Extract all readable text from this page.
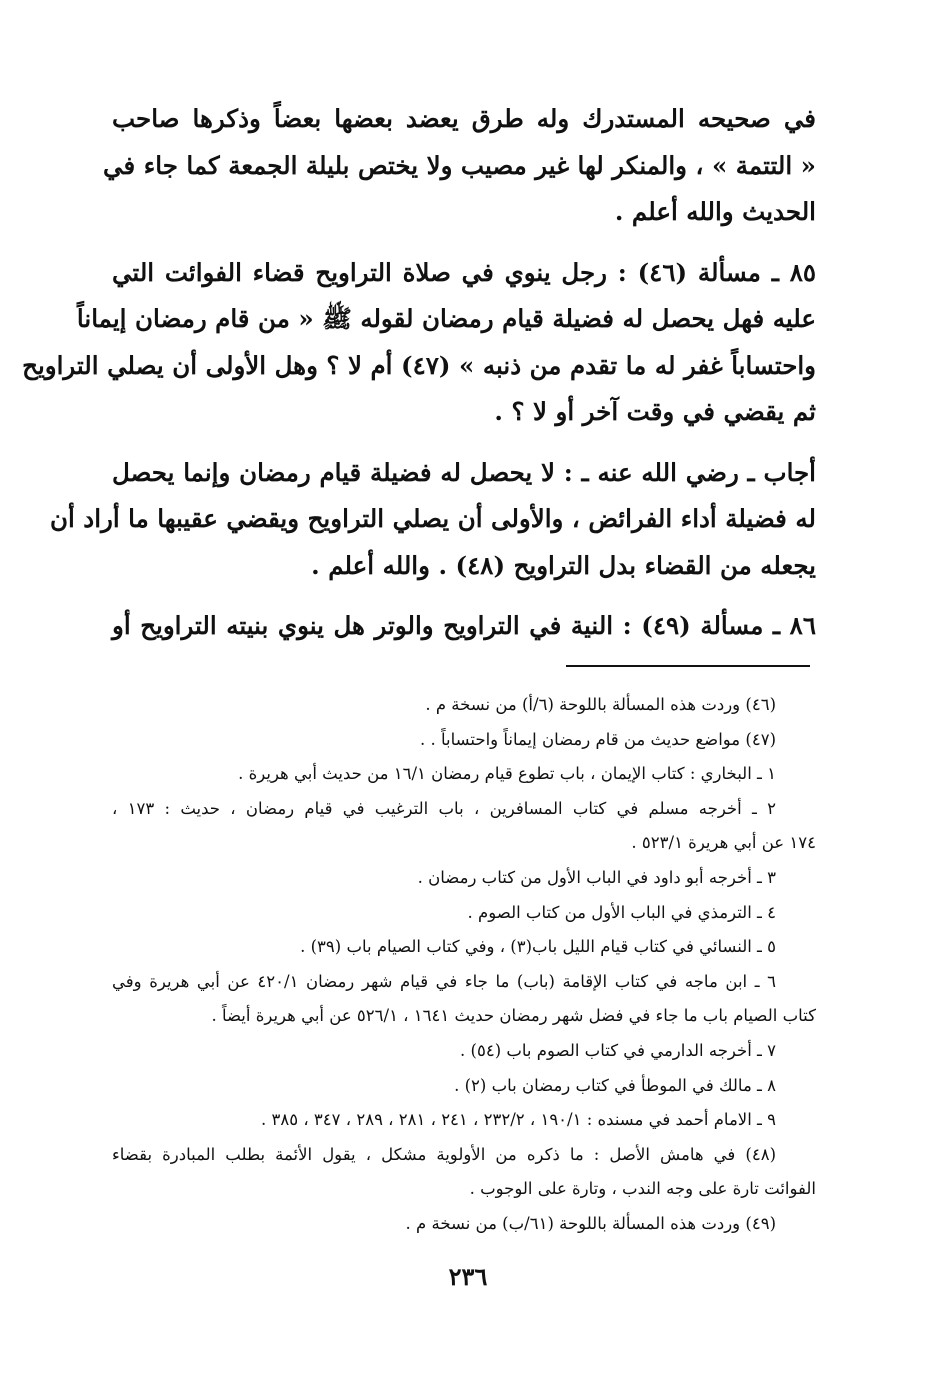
في صحيحه المستدرك وله طرق يعضد بعضها بعضاً وذكرها صاحب
« التتمة » ، والمنكر لها غير مصيب ولا يختص بليلة الجمعة كما جاء في
الحديث والله أعلم .
٨٥ ـ مسألة (٤٦) : رجل ينوي في صلاة التراويح قضاء الفوائت التي
عليه فهل يحصل له فضيلة قيام رمضان لقوله ﷺ « من قام رمضان إيماناً
واحتساباً غفر له ما تقدم من ذنبه » (٤٧) أم لا ؟ وهل الأولى أن يصلي التراويح
ثم يقضي في وقت آخر أو لا ؟ .
أجاب ـ رضي الله عنه ـ : لا يحصل له فضيلة قيام رمضان وإنما يحصل
له فضيلة أداء الفرائض ، والأولى أن يصلي التراويح ويقضي عقيبها ما أراد أن
يجعله من القضاء بدل التراويح (٤٨) . والله أعلم .
٨٦ ـ مسألة (٤٩) : النية في التراويح والوتر هل ينوي بنيته التراويح أو
(٤٦) وردت هذه المسألة باللوحة (٦/أ) من نسخة م .
(٤٧) مواضع حديث من قام رمضان إيماناً واحتساباً . .
١ ـ البخاري : كتاب الإيمان ، باب تطوع قيام رمضان ١٦/١ من حديث أبي هريرة .
٢ ـ أخرجه مسلم في كتاب المسافرين ، باب الترغيب في قيام رمضان ، حديث : ١٧٣ ،
١٧٤ عن أبي هريرة ٥٢٣/١ .
٣ ـ أخرجه أبو داود في الباب الأول من كتاب رمضان .
٤ ـ الترمذي في الباب الأول من كتاب الصوم .
٥ ـ النسائي في كتاب قيام الليل باب(٣) ، وفي كتاب الصيام باب (٣٩) .
٦ ـ ابن ماجه في كتاب الإقامة (باب) ما جاء في قيام شهر رمضان ٤٢٠/١ عن أبي هريرة وفي
كتاب الصيام باب ما جاء في فضل شهر رمضان حديث ١٦٤١ ، ٥٢٦/١ عن أبي هريرة أيضاً .
٧ ـ أخرجه الدارمي في كتاب الصوم باب (٥٤) .
٨ ـ مالك في الموطأ في كتاب رمضان باب (٢) .
٩ ـ الامام أحمد في مسنده : ١٩٠/١ ، ٢٣٢/٢ ، ٢٤١ ، ٢٨١ ، ٢٨٩ ، ٣٤٧ ، ٣٨٥ .
(٤٨) في هامش الأصل : ما ذكره من الأولوية مشكل ، يقول الأئمة بطلب المبادرة بقضاء
الفوائت تارة على وجه الندب ، وتارة على الوجوب .
(٤٩) وردت هذه المسألة باللوحة (٦١/ب) من نسخة م .
٢٣٦
